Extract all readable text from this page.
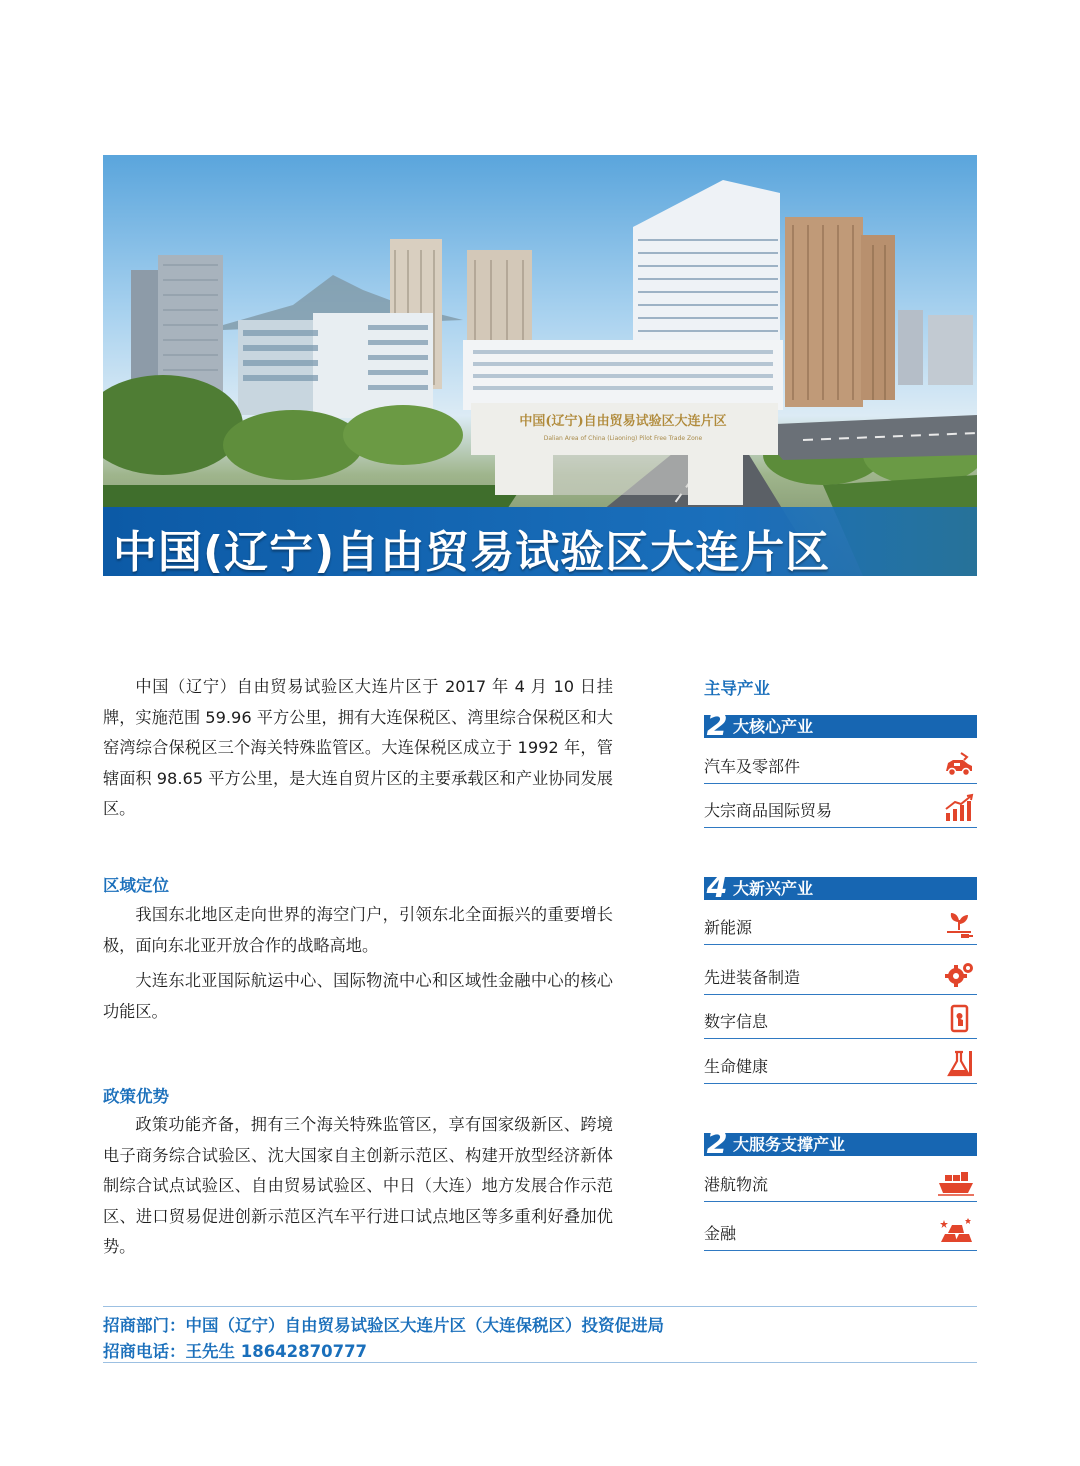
中国(辽宁)自由贸易试验区大连片区
Dalian Area of China (Liaoning) Pilot Free Trade Zone
中国(辽宁)自由贸易试验区大连片区

中国（辽宁）自由贸易试验区大连片区于 2017 年 4 月 10 日挂牌，实施范围 59.96 平方公里，拥有大连保税区、湾里综合保税区和大窑湾综合保税区三个海关特殊监管区。大连保税区成立于 1992 年，管辖面积 98.65 平方公里，是大连自贸片区的主要承载区和产业协同发展区。

区域定位

我国东北地区走向世界的海空门户，引领东北全面振兴的重要增长极，面向东北亚开放合作的战略高地。

大连东北亚国际航运中心、国际物流中心和区域性金融中心的核心功能区。

政策优势

政策功能齐备，拥有三个海关特殊监管区，享有国家级新区、跨境电子商务综合试验区、沈大国家自主创新示范区、构建开放型经济新体制综合试点试验区、自由贸易试验区、中日（大连）地方发展合作示范区、进口贸易促进创新示范区汽车平行进口试点地区等多重利好叠加优势。

主导产业
2 大核心产业
汽车及零部件
大宗商品国际贸易
4 大新兴产业
新能源
先进装备制造
数字信息
生命健康
2 大服务支撑产业
港航物流
金融
招商部门：中国（辽宁）自由贸易试验区大连片区（大连保税区）投资促进局
招商电话：王先生 18642870777
